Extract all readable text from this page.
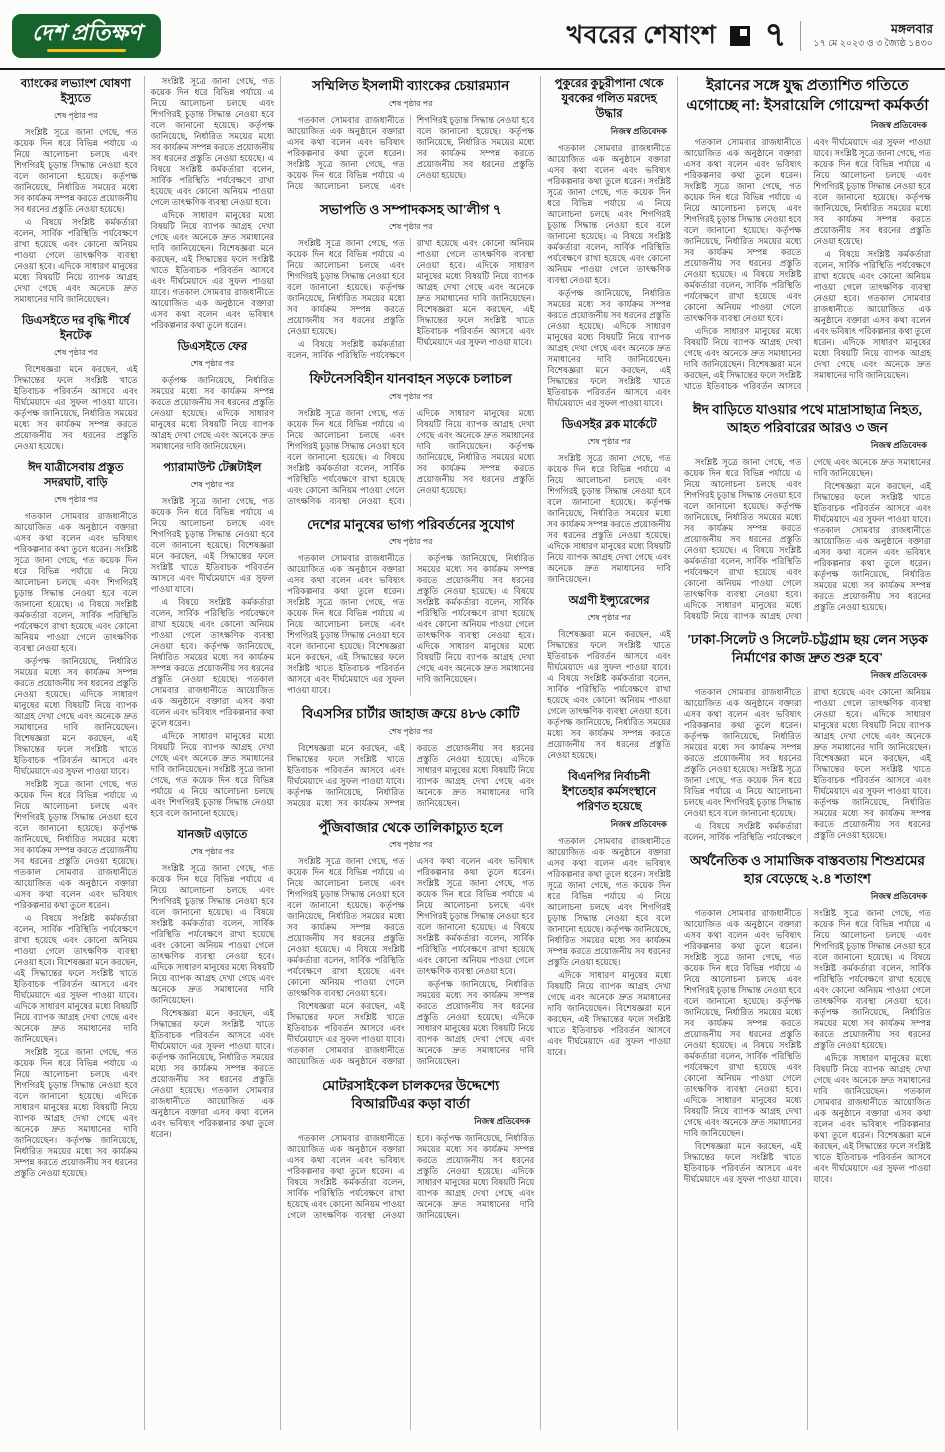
দেশ প্রতিক্ষণ	খবরের শেষাংশ ৭	মঙ্গলবার
১৭ মে ২০২৩ ও ৩ জ্যৈষ্ঠ ১৪৩০
ব্যাংকের লভ্যাংশ ঘোষণা ইস্যুতে
শেষ পৃষ্ঠার পর

সংশ্লিষ্ট সূত্রে জানা গেছে, গত কয়েক দিন ধরে বিভিন্ন পর্যায়ে এ নিয়ে আলোচনা চলছে এবং শিগগিরই চূড়ান্ত সিদ্ধান্ত নেওয়া হবে বলে জানানো হয়েছে। কর্তৃপক্ষ জানিয়েছে, নির্ধারিত সময়ের মধ্যে সব কার্যক্রম সম্পন্ন করতে প্রয়োজনীয় সব ধরনের প্রস্তুতি নেওয়া হয়েছে।

এ বিষয়ে সংশ্লিষ্ট কর্মকর্তারা বলেন, সার্বিক পরিস্থিতি পর্যবেক্ষণে রাখা হয়েছে এবং কোনো অনিয়ম পাওয়া গেলে তাৎক্ষণিক ব্যবস্থা নেওয়া হবে। এদিকে সাধারণ মানুষের মধ্যে বিষয়টি নিয়ে ব্যাপক আগ্রহ দেখা গেছে এবং অনেকে দ্রুত সমাধানের দাবি জানিয়েছেন।

ডিএসইতে দর বৃদ্ধি শীর্ষে ইনটেক
শেষ পৃষ্ঠার পর

বিশেষজ্ঞরা মনে করছেন, এই সিদ্ধান্তের ফলে সংশ্লিষ্ট খাতে ইতিবাচক পরিবর্তন আসবে এবং দীর্ঘমেয়াদে এর সুফল পাওয়া যাবে। কর্তৃপক্ষ জানিয়েছে, নির্ধারিত সময়ের মধ্যে সব কার্যক্রম সম্পন্ন করতে প্রয়োজনীয় সব ধরনের প্রস্তুতি নেওয়া হয়েছে।

ঈদ যাত্রীসেবায় প্রস্তুত সদরঘাট, বাড়ি
শেষ পৃষ্ঠার পর

গতকাল সোমবার রাজধানীতে আয়োজিত এক অনুষ্ঠানে বক্তারা এসব কথা বলেন এবং ভবিষ্যৎ পরিকল্পনার কথা তুলে ধরেন। সংশ্লিষ্ট সূত্রে জানা গেছে, গত কয়েক দিন ধরে বিভিন্ন পর্যায়ে এ নিয়ে আলোচনা চলছে এবং শিগগিরই চূড়ান্ত সিদ্ধান্ত নেওয়া হবে বলে জানানো হয়েছে। এ বিষয়ে সংশ্লিষ্ট কর্মকর্তারা বলেন, সার্বিক পরিস্থিতি পর্যবেক্ষণে রাখা হয়েছে এবং কোনো অনিয়ম পাওয়া গেলে তাৎক্ষণিক ব্যবস্থা নেওয়া হবে।

কর্তৃপক্ষ জানিয়েছে, নির্ধারিত সময়ের মধ্যে সব কার্যক্রম সম্পন্ন করতে প্রয়োজনীয় সব ধরনের প্রস্তুতি নেওয়া হয়েছে। এদিকে সাধারণ মানুষের মধ্যে বিষয়টি নিয়ে ব্যাপক আগ্রহ দেখা গেছে এবং অনেকে দ্রুত সমাধানের দাবি জানিয়েছেন। বিশেষজ্ঞরা মনে করছেন, এই সিদ্ধান্তের ফলে সংশ্লিষ্ট খাতে ইতিবাচক পরিবর্তন আসবে এবং দীর্ঘমেয়াদে এর সুফল পাওয়া যাবে।

সংশ্লিষ্ট সূত্রে জানা গেছে, গত কয়েক দিন ধরে বিভিন্ন পর্যায়ে এ নিয়ে আলোচনা চলছে এবং শিগগিরই চূড়ান্ত সিদ্ধান্ত নেওয়া হবে বলে জানানো হয়েছে। কর্তৃপক্ষ জানিয়েছে, নির্ধারিত সময়ের মধ্যে সব কার্যক্রম সম্পন্ন করতে প্রয়োজনীয় সব ধরনের প্রস্তুতি নেওয়া হয়েছে। গতকাল সোমবার রাজধানীতে আয়োজিত এক অনুষ্ঠানে বক্তারা এসব কথা বলেন এবং ভবিষ্যৎ পরিকল্পনার কথা তুলে ধরেন।

এ বিষয়ে সংশ্লিষ্ট কর্মকর্তারা বলেন, সার্বিক পরিস্থিতি পর্যবেক্ষণে রাখা হয়েছে এবং কোনো অনিয়ম পাওয়া গেলে তাৎক্ষণিক ব্যবস্থা নেওয়া হবে। বিশেষজ্ঞরা মনে করছেন, এই সিদ্ধান্তের ফলে সংশ্লিষ্ট খাতে ইতিবাচক পরিবর্তন আসবে এবং দীর্ঘমেয়াদে এর সুফল পাওয়া যাবে। এদিকে সাধারণ মানুষের মধ্যে বিষয়টি নিয়ে ব্যাপক আগ্রহ দেখা গেছে এবং অনেকে দ্রুত সমাধানের দাবি জানিয়েছেন।

সংশ্লিষ্ট সূত্রে জানা গেছে, গত কয়েক দিন ধরে বিভিন্ন পর্যায়ে এ নিয়ে আলোচনা চলছে এবং শিগগিরই চূড়ান্ত সিদ্ধান্ত নেওয়া হবে বলে জানানো হয়েছে। এদিকে সাধারণ মানুষের মধ্যে বিষয়টি নিয়ে ব্যাপক আগ্রহ দেখা গেছে এবং অনেকে দ্রুত সমাধানের দাবি জানিয়েছেন। কর্তৃপক্ষ জানিয়েছে, নির্ধারিত সময়ের মধ্যে সব কার্যক্রম সম্পন্ন করতে প্রয়োজনীয় সব ধরনের প্রস্তুতি নেওয়া হয়েছে।

সংশ্লিষ্ট সূত্রে জানা গেছে, গত কয়েক দিন ধরে বিভিন্ন পর্যায়ে এ নিয়ে আলোচনা চলছে এবং শিগগিরই চূড়ান্ত সিদ্ধান্ত নেওয়া হবে বলে জানানো হয়েছে। কর্তৃপক্ষ জানিয়েছে, নির্ধারিত সময়ের মধ্যে সব কার্যক্রম সম্পন্ন করতে প্রয়োজনীয় সব ধরনের প্রস্তুতি নেওয়া হয়েছে। এ বিষয়ে সংশ্লিষ্ট কর্মকর্তারা বলেন, সার্বিক পরিস্থিতি পর্যবেক্ষণে রাখা হয়েছে এবং কোনো অনিয়ম পাওয়া গেলে তাৎক্ষণিক ব্যবস্থা নেওয়া হবে।

এদিকে সাধারণ মানুষের মধ্যে বিষয়টি নিয়ে ব্যাপক আগ্রহ দেখা গেছে এবং অনেকে দ্রুত সমাধানের দাবি জানিয়েছেন। বিশেষজ্ঞরা মনে করছেন, এই সিদ্ধান্তের ফলে সংশ্লিষ্ট খাতে ইতিবাচক পরিবর্তন আসবে এবং দীর্ঘমেয়াদে এর সুফল পাওয়া যাবে। গতকাল সোমবার রাজধানীতে আয়োজিত এক অনুষ্ঠানে বক্তারা এসব কথা বলেন এবং ভবিষ্যৎ পরিকল্পনার কথা তুলে ধরেন।

ডিএসইতে ফের
শেষ পৃষ্ঠার পর

কর্তৃপক্ষ জানিয়েছে, নির্ধারিত সময়ের মধ্যে সব কার্যক্রম সম্পন্ন করতে প্রয়োজনীয় সব ধরনের প্রস্তুতি নেওয়া হয়েছে। এদিকে সাধারণ মানুষের মধ্যে বিষয়টি নিয়ে ব্যাপক আগ্রহ দেখা গেছে এবং অনেকে দ্রুত সমাধানের দাবি জানিয়েছেন।

প্যারামাউন্ট টেক্সটাইল
শেষ পৃষ্ঠার পর

সংশ্লিষ্ট সূত্রে জানা গেছে, গত কয়েক দিন ধরে বিভিন্ন পর্যায়ে এ নিয়ে আলোচনা চলছে এবং শিগগিরই চূড়ান্ত সিদ্ধান্ত নেওয়া হবে বলে জানানো হয়েছে। বিশেষজ্ঞরা মনে করছেন, এই সিদ্ধান্তের ফলে সংশ্লিষ্ট খাতে ইতিবাচক পরিবর্তন আসবে এবং দীর্ঘমেয়াদে এর সুফল পাওয়া যাবে।

এ বিষয়ে সংশ্লিষ্ট কর্মকর্তারা বলেন, সার্বিক পরিস্থিতি পর্যবেক্ষণে রাখা হয়েছে এবং কোনো অনিয়ম পাওয়া গেলে তাৎক্ষণিক ব্যবস্থা নেওয়া হবে। কর্তৃপক্ষ জানিয়েছে, নির্ধারিত সময়ের মধ্যে সব কার্যক্রম সম্পন্ন করতে প্রয়োজনীয় সব ধরনের প্রস্তুতি নেওয়া হয়েছে। গতকাল সোমবার রাজধানীতে আয়োজিত এক অনুষ্ঠানে বক্তারা এসব কথা বলেন এবং ভবিষ্যৎ পরিকল্পনার কথা তুলে ধরেন।

এদিকে সাধারণ মানুষের মধ্যে বিষয়টি নিয়ে ব্যাপক আগ্রহ দেখা গেছে এবং অনেকে দ্রুত সমাধানের দাবি জানিয়েছেন। সংশ্লিষ্ট সূত্রে জানা গেছে, গত কয়েক দিন ধরে বিভিন্ন পর্যায়ে এ নিয়ে আলোচনা চলছে এবং শিগগিরই চূড়ান্ত সিদ্ধান্ত নেওয়া হবে বলে জানানো হয়েছে।

যানজট এড়াতে
শেষ পৃষ্ঠার পর

সংশ্লিষ্ট সূত্রে জানা গেছে, গত কয়েক দিন ধরে বিভিন্ন পর্যায়ে এ নিয়ে আলোচনা চলছে এবং শিগগিরই চূড়ান্ত সিদ্ধান্ত নেওয়া হবে বলে জানানো হয়েছে। এ বিষয়ে সংশ্লিষ্ট কর্মকর্তারা বলেন, সার্বিক পরিস্থিতি পর্যবেক্ষণে রাখা হয়েছে এবং কোনো অনিয়ম পাওয়া গেলে তাৎক্ষণিক ব্যবস্থা নেওয়া হবে। এদিকে সাধারণ মানুষের মধ্যে বিষয়টি নিয়ে ব্যাপক আগ্রহ দেখা গেছে এবং অনেকে দ্রুত সমাধানের দাবি জানিয়েছেন।

বিশেষজ্ঞরা মনে করছেন, এই সিদ্ধান্তের ফলে সংশ্লিষ্ট খাতে ইতিবাচক পরিবর্তন আসবে এবং দীর্ঘমেয়াদে এর সুফল পাওয়া যাবে। কর্তৃপক্ষ জানিয়েছে, নির্ধারিত সময়ের মধ্যে সব কার্যক্রম সম্পন্ন করতে প্রয়োজনীয় সব ধরনের প্রস্তুতি নেওয়া হয়েছে। গতকাল সোমবার রাজধানীতে আয়োজিত এক অনুষ্ঠানে বক্তারা এসব কথা বলেন এবং ভবিষ্যৎ পরিকল্পনার কথা তুলে ধরেন।

সম্মিলিত ইসলামী ব্যাংকের চেয়ারম্যান
শেষ পৃষ্ঠার পর

গতকাল সোমবার রাজধানীতে আয়োজিত এক অনুষ্ঠানে বক্তারা এসব কথা বলেন এবং ভবিষ্যৎ পরিকল্পনার কথা তুলে ধরেন। সংশ্লিষ্ট সূত্রে জানা গেছে, গত কয়েক দিন ধরে বিভিন্ন পর্যায়ে এ নিয়ে আলোচনা চলছে এবং শিগগিরই চূড়ান্ত সিদ্ধান্ত নেওয়া হবে বলে জানানো হয়েছে। কর্তৃপক্ষ জানিয়েছে, নির্ধারিত সময়ের মধ্যে সব কার্যক্রম সম্পন্ন করতে প্রয়োজনীয় সব ধরনের প্রস্তুতি নেওয়া হয়েছে।

সভাপতি ও সম্পাদকসহ আ'লীগ ৭
শেষ পৃষ্ঠার পর

সংশ্লিষ্ট সূত্রে জানা গেছে, গত কয়েক দিন ধরে বিভিন্ন পর্যায়ে এ নিয়ে আলোচনা চলছে এবং শিগগিরই চূড়ান্ত সিদ্ধান্ত নেওয়া হবে বলে জানানো হয়েছে। কর্তৃপক্ষ জানিয়েছে, নির্ধারিত সময়ের মধ্যে সব কার্যক্রম সম্পন্ন করতে প্রয়োজনীয় সব ধরনের প্রস্তুতি নেওয়া হয়েছে।

এ বিষয়ে সংশ্লিষ্ট কর্মকর্তারা বলেন, সার্বিক পরিস্থিতি পর্যবেক্ষণে রাখা হয়েছে এবং কোনো অনিয়ম পাওয়া গেলে তাৎক্ষণিক ব্যবস্থা নেওয়া হবে। এদিকে সাধারণ মানুষের মধ্যে বিষয়টি নিয়ে ব্যাপক আগ্রহ দেখা গেছে এবং অনেকে দ্রুত সমাধানের দাবি জানিয়েছেন। বিশেষজ্ঞরা মনে করছেন, এই সিদ্ধান্তের ফলে সংশ্লিষ্ট খাতে ইতিবাচক পরিবর্তন আসবে এবং দীর্ঘমেয়াদে এর সুফল পাওয়া যাবে।

ফিটনেসবিহীন যানবাহন সড়কে চলাচল
শেষ পৃষ্ঠার পর

সংশ্লিষ্ট সূত্রে জানা গেছে, গত কয়েক দিন ধরে বিভিন্ন পর্যায়ে এ নিয়ে আলোচনা চলছে এবং শিগগিরই চূড়ান্ত সিদ্ধান্ত নেওয়া হবে বলে জানানো হয়েছে। এ বিষয়ে সংশ্লিষ্ট কর্মকর্তারা বলেন, সার্বিক পরিস্থিতি পর্যবেক্ষণে রাখা হয়েছে এবং কোনো অনিয়ম পাওয়া গেলে তাৎক্ষণিক ব্যবস্থা নেওয়া হবে। এদিকে সাধারণ মানুষের মধ্যে বিষয়টি নিয়ে ব্যাপক আগ্রহ দেখা গেছে এবং অনেকে দ্রুত সমাধানের দাবি জানিয়েছেন। কর্তৃপক্ষ জানিয়েছে, নির্ধারিত সময়ের মধ্যে সব কার্যক্রম সম্পন্ন করতে প্রয়োজনীয় সব ধরনের প্রস্তুতি নেওয়া হয়েছে।

দেশের মানুষের ভাগ্য পরিবর্তনের সুযোগ
শেষ পৃষ্ঠার পর

গতকাল সোমবার রাজধানীতে আয়োজিত এক অনুষ্ঠানে বক্তারা এসব কথা বলেন এবং ভবিষ্যৎ পরিকল্পনার কথা তুলে ধরেন। সংশ্লিষ্ট সূত্রে জানা গেছে, গত কয়েক দিন ধরে বিভিন্ন পর্যায়ে এ নিয়ে আলোচনা চলছে এবং শিগগিরই চূড়ান্ত সিদ্ধান্ত নেওয়া হবে বলে জানানো হয়েছে। বিশেষজ্ঞরা মনে করছেন, এই সিদ্ধান্তের ফলে সংশ্লিষ্ট খাতে ইতিবাচক পরিবর্তন আসবে এবং দীর্ঘমেয়াদে এর সুফল পাওয়া যাবে।

কর্তৃপক্ষ জানিয়েছে, নির্ধারিত সময়ের মধ্যে সব কার্যক্রম সম্পন্ন করতে প্রয়োজনীয় সব ধরনের প্রস্তুতি নেওয়া হয়েছে। এ বিষয়ে সংশ্লিষ্ট কর্মকর্তারা বলেন, সার্বিক পরিস্থিতি পর্যবেক্ষণে রাখা হয়েছে এবং কোনো অনিয়ম পাওয়া গেলে তাৎক্ষণিক ব্যবস্থা নেওয়া হবে। এদিকে সাধারণ মানুষের মধ্যে বিষয়টি নিয়ে ব্যাপক আগ্রহ দেখা গেছে এবং অনেকে দ্রুত সমাধানের দাবি জানিয়েছেন।

বিএসসির চার্টার জাহাজ ক্রয়ে ৪৮৬ কোটি
শেষ পৃষ্ঠার পর

বিশেষজ্ঞরা মনে করছেন, এই সিদ্ধান্তের ফলে সংশ্লিষ্ট খাতে ইতিবাচক পরিবর্তন আসবে এবং দীর্ঘমেয়াদে এর সুফল পাওয়া যাবে। কর্তৃপক্ষ জানিয়েছে, নির্ধারিত সময়ের মধ্যে সব কার্যক্রম সম্পন্ন করতে প্রয়োজনীয় সব ধরনের প্রস্তুতি নেওয়া হয়েছে। এদিকে সাধারণ মানুষের মধ্যে বিষয়টি নিয়ে ব্যাপক আগ্রহ দেখা গেছে এবং অনেকে দ্রুত সমাধানের দাবি জানিয়েছেন।

পুঁজিবাজার থেকে তালিকাচ্যুত হলে
শেষ পৃষ্ঠার পর

সংশ্লিষ্ট সূত্রে জানা গেছে, গত কয়েক দিন ধরে বিভিন্ন পর্যায়ে এ নিয়ে আলোচনা চলছে এবং শিগগিরই চূড়ান্ত সিদ্ধান্ত নেওয়া হবে বলে জানানো হয়েছে। কর্তৃপক্ষ জানিয়েছে, নির্ধারিত সময়ের মধ্যে সব কার্যক্রম সম্পন্ন করতে প্রয়োজনীয় সব ধরনের প্রস্তুতি নেওয়া হয়েছে। এ বিষয়ে সংশ্লিষ্ট কর্মকর্তারা বলেন, সার্বিক পরিস্থিতি পর্যবেক্ষণে রাখা হয়েছে এবং কোনো অনিয়ম পাওয়া গেলে তাৎক্ষণিক ব্যবস্থা নেওয়া হবে।

বিশেষজ্ঞরা মনে করছেন, এই সিদ্ধান্তের ফলে সংশ্লিষ্ট খাতে ইতিবাচক পরিবর্তন আসবে এবং দীর্ঘমেয়াদে এর সুফল পাওয়া যাবে। গতকাল সোমবার রাজধানীতে আয়োজিত এক অনুষ্ঠানে বক্তারা এসব কথা বলেন এবং ভবিষ্যৎ পরিকল্পনার কথা তুলে ধরেন। সংশ্লিষ্ট সূত্রে জানা গেছে, গত কয়েক দিন ধরে বিভিন্ন পর্যায়ে এ নিয়ে আলোচনা চলছে এবং শিগগিরই চূড়ান্ত সিদ্ধান্ত নেওয়া হবে বলে জানানো হয়েছে। এ বিষয়ে সংশ্লিষ্ট কর্মকর্তারা বলেন, সার্বিক পরিস্থিতি পর্যবেক্ষণে রাখা হয়েছে এবং কোনো অনিয়ম পাওয়া গেলে তাৎক্ষণিক ব্যবস্থা নেওয়া হবে।

কর্তৃপক্ষ জানিয়েছে, নির্ধারিত সময়ের মধ্যে সব কার্যক্রম সম্পন্ন করতে প্রয়োজনীয় সব ধরনের প্রস্তুতি নেওয়া হয়েছে। এদিকে সাধারণ মানুষের মধ্যে বিষয়টি নিয়ে ব্যাপক আগ্রহ দেখা গেছে এবং অনেকে দ্রুত সমাধানের দাবি জানিয়েছেন।

মোটরসাইকেল চালকদের উদ্দেশ্যে বিআরটিএর কড়া বার্তা
নিজস্ব প্রতিবেদক

গতকাল সোমবার রাজধানীতে আয়োজিত এক অনুষ্ঠানে বক্তারা এসব কথা বলেন এবং ভবিষ্যৎ পরিকল্পনার কথা তুলে ধরেন। এ বিষয়ে সংশ্লিষ্ট কর্মকর্তারা বলেন, সার্বিক পরিস্থিতি পর্যবেক্ষণে রাখা হয়েছে এবং কোনো অনিয়ম পাওয়া গেলে তাৎক্ষণিক ব্যবস্থা নেওয়া হবে। কর্তৃপক্ষ জানিয়েছে, নির্ধারিত সময়ের মধ্যে সব কার্যক্রম সম্পন্ন করতে প্রয়োজনীয় সব ধরনের প্রস্তুতি নেওয়া হয়েছে। এদিকে সাধারণ মানুষের মধ্যে বিষয়টি নিয়ে ব্যাপক আগ্রহ দেখা গেছে এবং অনেকে দ্রুত সমাধানের দাবি জানিয়েছেন।

পুকুরের কুচুরীপানা থেকে যুবকের গলিত মরদেহ উদ্ধার
নিজস্ব প্রতিবেদক

গতকাল সোমবার রাজধানীতে আয়োজিত এক অনুষ্ঠানে বক্তারা এসব কথা বলেন এবং ভবিষ্যৎ পরিকল্পনার কথা তুলে ধরেন। সংশ্লিষ্ট সূত্রে জানা গেছে, গত কয়েক দিন ধরে বিভিন্ন পর্যায়ে এ নিয়ে আলোচনা চলছে এবং শিগগিরই চূড়ান্ত সিদ্ধান্ত নেওয়া হবে বলে জানানো হয়েছে। এ বিষয়ে সংশ্লিষ্ট কর্মকর্তারা বলেন, সার্বিক পরিস্থিতি পর্যবেক্ষণে রাখা হয়েছে এবং কোনো অনিয়ম পাওয়া গেলে তাৎক্ষণিক ব্যবস্থা নেওয়া হবে।

কর্তৃপক্ষ জানিয়েছে, নির্ধারিত সময়ের মধ্যে সব কার্যক্রম সম্পন্ন করতে প্রয়োজনীয় সব ধরনের প্রস্তুতি নেওয়া হয়েছে। এদিকে সাধারণ মানুষের মধ্যে বিষয়টি নিয়ে ব্যাপক আগ্রহ দেখা গেছে এবং অনেকে দ্রুত সমাধানের দাবি জানিয়েছেন। বিশেষজ্ঞরা মনে করছেন, এই সিদ্ধান্তের ফলে সংশ্লিষ্ট খাতে ইতিবাচক পরিবর্তন আসবে এবং দীর্ঘমেয়াদে এর সুফল পাওয়া যাবে।

ডিএসইর ব্লক মার্কেটে
শেষ পৃষ্ঠার পর

সংশ্লিষ্ট সূত্রে জানা গেছে, গত কয়েক দিন ধরে বিভিন্ন পর্যায়ে এ নিয়ে আলোচনা চলছে এবং শিগগিরই চূড়ান্ত সিদ্ধান্ত নেওয়া হবে বলে জানানো হয়েছে। কর্তৃপক্ষ জানিয়েছে, নির্ধারিত সময়ের মধ্যে সব কার্যক্রম সম্পন্ন করতে প্রয়োজনীয় সব ধরনের প্রস্তুতি নেওয়া হয়েছে। এদিকে সাধারণ মানুষের মধ্যে বিষয়টি নিয়ে ব্যাপক আগ্রহ দেখা গেছে এবং অনেকে দ্রুত সমাধানের দাবি জানিয়েছেন।

অগ্রণী ইন্স্যুরেন্সের
শেষ পৃষ্ঠার পর

বিশেষজ্ঞরা মনে করছেন, এই সিদ্ধান্তের ফলে সংশ্লিষ্ট খাতে ইতিবাচক পরিবর্তন আসবে এবং দীর্ঘমেয়াদে এর সুফল পাওয়া যাবে। এ বিষয়ে সংশ্লিষ্ট কর্মকর্তারা বলেন, সার্বিক পরিস্থিতি পর্যবেক্ষণে রাখা হয়েছে এবং কোনো অনিয়ম পাওয়া গেলে তাৎক্ষণিক ব্যবস্থা নেওয়া হবে। কর্তৃপক্ষ জানিয়েছে, নির্ধারিত সময়ের মধ্যে সব কার্যক্রম সম্পন্ন করতে প্রয়োজনীয় সব ধরনের প্রস্তুতি নেওয়া হয়েছে।

বিএনপির নির্বাচনী ইশতেহার কর্মসংস্থানে পরিণত হয়েছে
নিজস্ব প্রতিবেদক

গতকাল সোমবার রাজধানীতে আয়োজিত এক অনুষ্ঠানে বক্তারা এসব কথা বলেন এবং ভবিষ্যৎ পরিকল্পনার কথা তুলে ধরেন। সংশ্লিষ্ট সূত্রে জানা গেছে, গত কয়েক দিন ধরে বিভিন্ন পর্যায়ে এ নিয়ে আলোচনা চলছে এবং শিগগিরই চূড়ান্ত সিদ্ধান্ত নেওয়া হবে বলে জানানো হয়েছে। কর্তৃপক্ষ জানিয়েছে, নির্ধারিত সময়ের মধ্যে সব কার্যক্রম সম্পন্ন করতে প্রয়োজনীয় সব ধরনের প্রস্তুতি নেওয়া হয়েছে।

এদিকে সাধারণ মানুষের মধ্যে বিষয়টি নিয়ে ব্যাপক আগ্রহ দেখা গেছে এবং অনেকে দ্রুত সমাধানের দাবি জানিয়েছেন। বিশেষজ্ঞরা মনে করছেন, এই সিদ্ধান্তের ফলে সংশ্লিষ্ট খাতে ইতিবাচক পরিবর্তন আসবে এবং দীর্ঘমেয়াদে এর সুফল পাওয়া যাবে।

ইরানের সঙ্গে যুদ্ধ প্রত্যাশিত গতিতে এগোচ্ছে না: ইসরায়েলি গোয়েন্দা কর্মকর্তা
নিজস্ব প্রতিবেদক

গতকাল সোমবার রাজধানীতে আয়োজিত এক অনুষ্ঠানে বক্তারা এসব কথা বলেন এবং ভবিষ্যৎ পরিকল্পনার কথা তুলে ধরেন। সংশ্লিষ্ট সূত্রে জানা গেছে, গত কয়েক দিন ধরে বিভিন্ন পর্যায়ে এ নিয়ে আলোচনা চলছে এবং শিগগিরই চূড়ান্ত সিদ্ধান্ত নেওয়া হবে বলে জানানো হয়েছে। কর্তৃপক্ষ জানিয়েছে, নির্ধারিত সময়ের মধ্যে সব কার্যক্রম সম্পন্ন করতে প্রয়োজনীয় সব ধরনের প্রস্তুতি নেওয়া হয়েছে। এ বিষয়ে সংশ্লিষ্ট কর্মকর্তারা বলেন, সার্বিক পরিস্থিতি পর্যবেক্ষণে রাখা হয়েছে এবং কোনো অনিয়ম পাওয়া গেলে তাৎক্ষণিক ব্যবস্থা নেওয়া হবে।

এদিকে সাধারণ মানুষের মধ্যে বিষয়টি নিয়ে ব্যাপক আগ্রহ দেখা গেছে এবং অনেকে দ্রুত সমাধানের দাবি জানিয়েছেন। বিশেষজ্ঞরা মনে করছেন, এই সিদ্ধান্তের ফলে সংশ্লিষ্ট খাতে ইতিবাচক পরিবর্তন আসবে এবং দীর্ঘমেয়াদে এর সুফল পাওয়া যাবে। সংশ্লিষ্ট সূত্রে জানা গেছে, গত কয়েক দিন ধরে বিভিন্ন পর্যায়ে এ নিয়ে আলোচনা চলছে এবং শিগগিরই চূড়ান্ত সিদ্ধান্ত নেওয়া হবে বলে জানানো হয়েছে। কর্তৃপক্ষ জানিয়েছে, নির্ধারিত সময়ের মধ্যে সব কার্যক্রম সম্পন্ন করতে প্রয়োজনীয় সব ধরনের প্রস্তুতি নেওয়া হয়েছে।

এ বিষয়ে সংশ্লিষ্ট কর্মকর্তারা বলেন, সার্বিক পরিস্থিতি পর্যবেক্ষণে রাখা হয়েছে এবং কোনো অনিয়ম পাওয়া গেলে তাৎক্ষণিক ব্যবস্থা নেওয়া হবে। গতকাল সোমবার রাজধানীতে আয়োজিত এক অনুষ্ঠানে বক্তারা এসব কথা বলেন এবং ভবিষ্যৎ পরিকল্পনার কথা তুলে ধরেন। এদিকে সাধারণ মানুষের মধ্যে বিষয়টি নিয়ে ব্যাপক আগ্রহ দেখা গেছে এবং অনেকে দ্রুত সমাধানের দাবি জানিয়েছেন।

ঈদ বাড়িতে যাওয়ার পথে মাদ্রাসাছাত্র নিহত, আহত পরিবারের আরও ৩ জন
নিজস্ব প্রতিবেদক

সংশ্লিষ্ট সূত্রে জানা গেছে, গত কয়েক দিন ধরে বিভিন্ন পর্যায়ে এ নিয়ে আলোচনা চলছে এবং শিগগিরই চূড়ান্ত সিদ্ধান্ত নেওয়া হবে বলে জানানো হয়েছে। কর্তৃপক্ষ জানিয়েছে, নির্ধারিত সময়ের মধ্যে সব কার্যক্রম সম্পন্ন করতে প্রয়োজনীয় সব ধরনের প্রস্তুতি নেওয়া হয়েছে। এ বিষয়ে সংশ্লিষ্ট কর্মকর্তারা বলেন, সার্বিক পরিস্থিতি পর্যবেক্ষণে রাখা হয়েছে এবং কোনো অনিয়ম পাওয়া গেলে তাৎক্ষণিক ব্যবস্থা নেওয়া হবে। এদিকে সাধারণ মানুষের মধ্যে বিষয়টি নিয়ে ব্যাপক আগ্রহ দেখা গেছে এবং অনেকে দ্রুত সমাধানের দাবি জানিয়েছেন।

বিশেষজ্ঞরা মনে করছেন, এই সিদ্ধান্তের ফলে সংশ্লিষ্ট খাতে ইতিবাচক পরিবর্তন আসবে এবং দীর্ঘমেয়াদে এর সুফল পাওয়া যাবে। গতকাল সোমবার রাজধানীতে আয়োজিত এক অনুষ্ঠানে বক্তারা এসব কথা বলেন এবং ভবিষ্যৎ পরিকল্পনার কথা তুলে ধরেন। কর্তৃপক্ষ জানিয়েছে, নির্ধারিত সময়ের মধ্যে সব কার্যক্রম সম্পন্ন করতে প্রয়োজনীয় সব ধরনের প্রস্তুতি নেওয়া হয়েছে।

'ঢাকা-সিলেট ও সিলেট-চট্টগ্রাম ছয় লেন সড়ক নির্মাণের কাজ দ্রুত শুরু হবে'
নিজস্ব প্রতিবেদক

গতকাল সোমবার রাজধানীতে আয়োজিত এক অনুষ্ঠানে বক্তারা এসব কথা বলেন এবং ভবিষ্যৎ পরিকল্পনার কথা তুলে ধরেন। কর্তৃপক্ষ জানিয়েছে, নির্ধারিত সময়ের মধ্যে সব কার্যক্রম সম্পন্ন করতে প্রয়োজনীয় সব ধরনের প্রস্তুতি নেওয়া হয়েছে। সংশ্লিষ্ট সূত্রে জানা গেছে, গত কয়েক দিন ধরে বিভিন্ন পর্যায়ে এ নিয়ে আলোচনা চলছে এবং শিগগিরই চূড়ান্ত সিদ্ধান্ত নেওয়া হবে বলে জানানো হয়েছে।

এ বিষয়ে সংশ্লিষ্ট কর্মকর্তারা বলেন, সার্বিক পরিস্থিতি পর্যবেক্ষণে রাখা হয়েছে এবং কোনো অনিয়ম পাওয়া গেলে তাৎক্ষণিক ব্যবস্থা নেওয়া হবে। এদিকে সাধারণ মানুষের মধ্যে বিষয়টি নিয়ে ব্যাপক আগ্রহ দেখা গেছে এবং অনেকে দ্রুত সমাধানের দাবি জানিয়েছেন। বিশেষজ্ঞরা মনে করছেন, এই সিদ্ধান্তের ফলে সংশ্লিষ্ট খাতে ইতিবাচক পরিবর্তন আসবে এবং দীর্ঘমেয়াদে এর সুফল পাওয়া যাবে। কর্তৃপক্ষ জানিয়েছে, নির্ধারিত সময়ের মধ্যে সব কার্যক্রম সম্পন্ন করতে প্রয়োজনীয় সব ধরনের প্রস্তুতি নেওয়া হয়েছে।

অর্থনৈতিক ও সামাজিক বাস্তবতায় শিশুশ্রমের হার বেড়েছে ২.৪ শতাংশ
নিজস্ব প্রতিবেদক

গতকাল সোমবার রাজধানীতে আয়োজিত এক অনুষ্ঠানে বক্তারা এসব কথা বলেন এবং ভবিষ্যৎ পরিকল্পনার কথা তুলে ধরেন। সংশ্লিষ্ট সূত্রে জানা গেছে, গত কয়েক দিন ধরে বিভিন্ন পর্যায়ে এ নিয়ে আলোচনা চলছে এবং শিগগিরই চূড়ান্ত সিদ্ধান্ত নেওয়া হবে বলে জানানো হয়েছে। কর্তৃপক্ষ জানিয়েছে, নির্ধারিত সময়ের মধ্যে সব কার্যক্রম সম্পন্ন করতে প্রয়োজনীয় সব ধরনের প্রস্তুতি নেওয়া হয়েছে। এ বিষয়ে সংশ্লিষ্ট কর্মকর্তারা বলেন, সার্বিক পরিস্থিতি পর্যবেক্ষণে রাখা হয়েছে এবং কোনো অনিয়ম পাওয়া গেলে তাৎক্ষণিক ব্যবস্থা নেওয়া হবে। এদিকে সাধারণ মানুষের মধ্যে বিষয়টি নিয়ে ব্যাপক আগ্রহ দেখা গেছে এবং অনেকে দ্রুত সমাধানের দাবি জানিয়েছেন।

বিশেষজ্ঞরা মনে করছেন, এই সিদ্ধান্তের ফলে সংশ্লিষ্ট খাতে ইতিবাচক পরিবর্তন আসবে এবং দীর্ঘমেয়াদে এর সুফল পাওয়া যাবে। সংশ্লিষ্ট সূত্রে জানা গেছে, গত কয়েক দিন ধরে বিভিন্ন পর্যায়ে এ নিয়ে আলোচনা চলছে এবং শিগগিরই চূড়ান্ত সিদ্ধান্ত নেওয়া হবে বলে জানানো হয়েছে। এ বিষয়ে সংশ্লিষ্ট কর্মকর্তারা বলেন, সার্বিক পরিস্থিতি পর্যবেক্ষণে রাখা হয়েছে এবং কোনো অনিয়ম পাওয়া গেলে তাৎক্ষণিক ব্যবস্থা নেওয়া হবে। কর্তৃপক্ষ জানিয়েছে, নির্ধারিত সময়ের মধ্যে সব কার্যক্রম সম্পন্ন করতে প্রয়োজনীয় সব ধরনের প্রস্তুতি নেওয়া হয়েছে।

এদিকে সাধারণ মানুষের মধ্যে বিষয়টি নিয়ে ব্যাপক আগ্রহ দেখা গেছে এবং অনেকে দ্রুত সমাধানের দাবি জানিয়েছেন। গতকাল সোমবার রাজধানীতে আয়োজিত এক অনুষ্ঠানে বক্তারা এসব কথা বলেন এবং ভবিষ্যৎ পরিকল্পনার কথা তুলে ধরেন। বিশেষজ্ঞরা মনে করছেন, এই সিদ্ধান্তের ফলে সংশ্লিষ্ট খাতে ইতিবাচক পরিবর্তন আসবে এবং দীর্ঘমেয়াদে এর সুফল পাওয়া যাবে।
